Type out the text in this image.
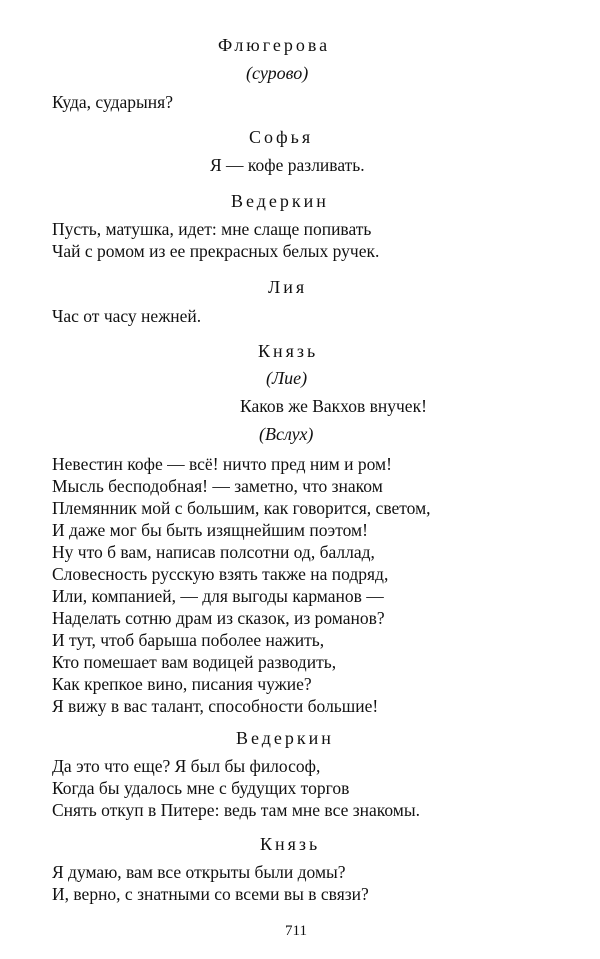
Флюгерова
(сурово)
Куда, сударыня?
Софья
Я — кофе разливать.
Ведеркин
Пусть, матушка, идет: мне слаще попивать
Чай с ромом из ее прекрасных белых ручек.
Лия
Час от часу нежней.
Князь
(Лие)
Каков же Вакхов внучек!
(Вслух)
Невестин кофе — всё! ничто пред ним и ром!
Мысль бесподобная! — заметно, что знаком
Племянник мой с большим, как говорится, светом,
И даже мог бы быть изящнейшим поэтом!
Ну что б вам, написав полсотни од, баллад,
Словесность русскую взять также на подряд,
Или, компанией, — для выгоды карманов —
Наделать сотню драм из сказок, из романов?
И тут, чтоб барыша поболее нажить,
Кто помешает вам водицей разводить,
Как крепкое вино, писания чужие?
Я вижу в вас талант, способности большие!
Ведеркин
Да это что еще? Я был бы философ,
Когда бы удалось мне с будущих торгов
Снять откуп в Питере: ведь там мне все знакомы.
Князь
Я думаю, вам все открыты были домы?
И, верно, с знатными со всеми вы в связи?
711
